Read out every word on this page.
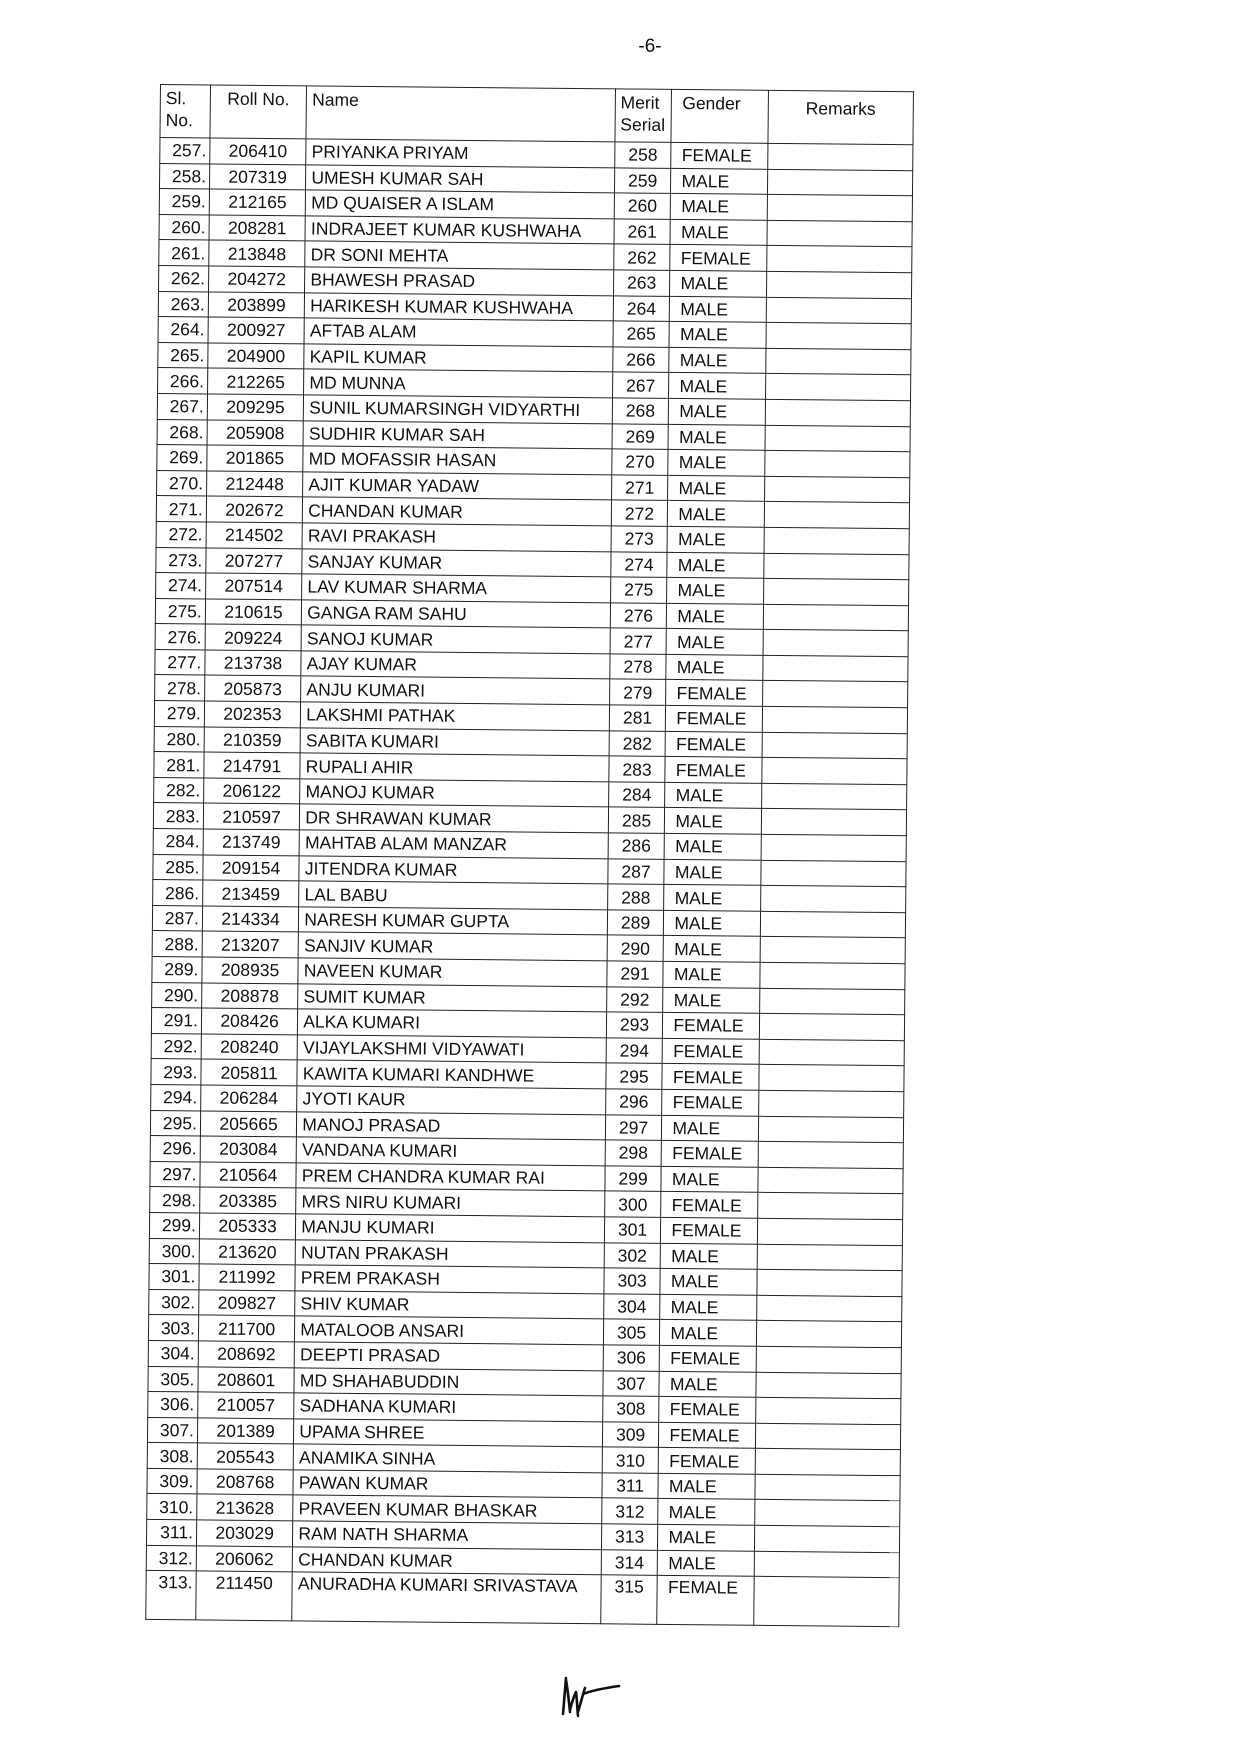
-6-
Sl. No.	Roll No.	Name	Merit Serial	Gender	Remarks
257.	206410	PRIYANKA PRIYAM	258	FEMALE	
258.	207319	UMESH KUMAR SAH	259	MALE	
259.	212165	MD QUAISER A ISLAM	260	MALE	
260.	208281	INDRAJEET KUMAR KUSHWAHA	261	MALE	
261.	213848	DR SONI MEHTA	262	FEMALE	
262.	204272	BHAWESH PRASAD	263	MALE	
263.	203899	HARIKESH KUMAR KUSHWAHA	264	MALE	
264.	200927	AFTAB ALAM	265	MALE	
265.	204900	KAPIL KUMAR	266	MALE	
266.	212265	MD MUNNA	267	MALE	
267.	209295	SUNIL KUMARSINGH VIDYARTHI	268	MALE	
268.	205908	SUDHIR KUMAR SAH	269	MALE	
269.	201865	MD MOFASSIR HASAN	270	MALE	
270.	212448	AJIT KUMAR YADAW	271	MALE	
271.	202672	CHANDAN KUMAR	272	MALE	
272.	214502	RAVI PRAKASH	273	MALE	
273.	207277	SANJAY KUMAR	274	MALE	
274.	207514	LAV KUMAR SHARMA	275	MALE	
275.	210615	GANGA RAM SAHU	276	MALE	
276.	209224	SANOJ KUMAR	277	MALE	
277.	213738	AJAY KUMAR	278	MALE	
278.	205873	ANJU KUMARI	279	FEMALE	
279.	202353	LAKSHMI PATHAK	281	FEMALE	
280.	210359	SABITA KUMARI	282	FEMALE	
281.	214791	RUPALI AHIR	283	FEMALE	
282.	206122	MANOJ KUMAR	284	MALE	
283.	210597	DR SHRAWAN KUMAR	285	MALE	
284.	213749	MAHTAB ALAM MANZAR	286	MALE	
285.	209154	JITENDRA KUMAR	287	MALE	
286.	213459	LAL BABU	288	MALE	
287.	214334	NARESH KUMAR GUPTA	289	MALE	
288.	213207	SANJIV KUMAR	290	MALE	
289.	208935	NAVEEN KUMAR	291	MALE	
290.	208878	SUMIT KUMAR	292	MALE	
291.	208426	ALKA KUMARI	293	FEMALE	
292.	208240	VIJAYLAKSHMI VIDYAWATI	294	FEMALE	
293.	205811	KAWITA KUMARI KANDHWE	295	FEMALE	
294.	206284	JYOTI KAUR	296	FEMALE	
295.	205665	MANOJ PRASAD	297	MALE	
296.	203084	VANDANA KUMARI	298	FEMALE	
297.	210564	PREM CHANDRA KUMAR RAI	299	MALE	
298.	203385	MRS NIRU KUMARI	300	FEMALE	
299.	205333	MANJU KUMARI	301	FEMALE	
300.	213620	NUTAN PRAKASH	302	MALE	
301.	211992	PREM PRAKASH	303	MALE	
302.	209827	SHIV KUMAR	304	MALE	
303.	211700	MATALOOB ANSARI	305	MALE	
304.	208692	DEEPTI PRASAD	306	FEMALE	
305.	208601	MD SHAHABUDDIN	307	MALE	
306.	210057	SADHANA KUMARI	308	FEMALE	
307.	201389	UPAMA SHREE	309	FEMALE	
308.	205543	ANAMIKA SINHA	310	FEMALE	
309.	208768	PAWAN KUMAR	311	MALE	
310.	213628	PRAVEEN KUMAR BHASKAR	312	MALE	
311.	203029	RAM NATH SHARMA	313	MALE	
312.	206062	CHANDAN KUMAR	314	MALE	
313.	211450	ANURADHA KUMARI SRIVASTAVA	315	FEMALE	
